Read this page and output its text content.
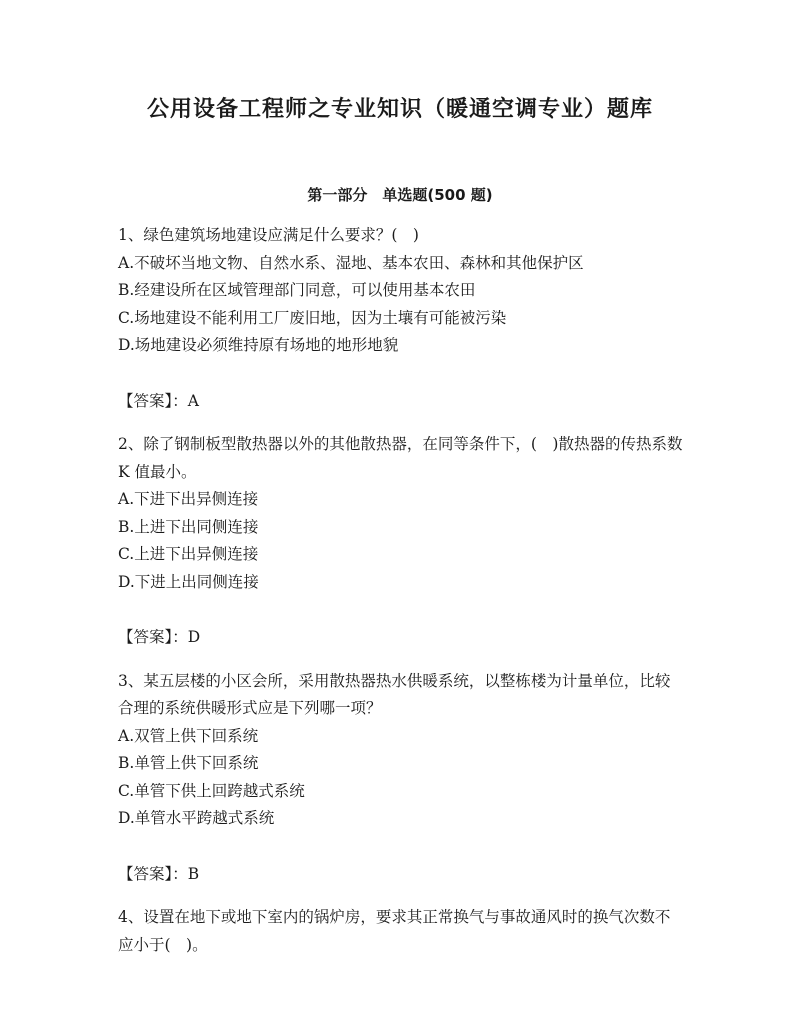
公用设备工程师之专业知识（暖通空调专业）题库
第一部分　单选题(500 题)

1、绿色建筑场地建设应满足什么要求？(　)

A.不破坏当地文物、自然水系、湿地、基本农田、森林和其他保护区

B.经建设所在区域管理部门同意，可以使用基本农田

C.场地建设不能利用工厂废旧地，因为土壤有可能被污染

D.场地建设必须维持原有场地的地形地貌

【答案】：A

2、除了钢制板型散热器以外的其他散热器，在同等条件下，(　)散热器的传热系数 K 值最小。

A.下进下出异侧连接

B.上进下出同侧连接

C.上进下出异侧连接

D.下进上出同侧连接

【答案】：D

3、某五层楼的小区会所，采用散热器热水供暖系统，以整栋楼为计量单位，比较合理的系统供暖形式应是下列哪一项？

A.双管上供下回系统

B.单管上供下回系统

C.单管下供上回跨越式系统

D.单管水平跨越式系统

【答案】：B

4、设置在地下或地下室内的锅炉房，要求其正常换气与事故通风时的换气次数不应小于(　)。
